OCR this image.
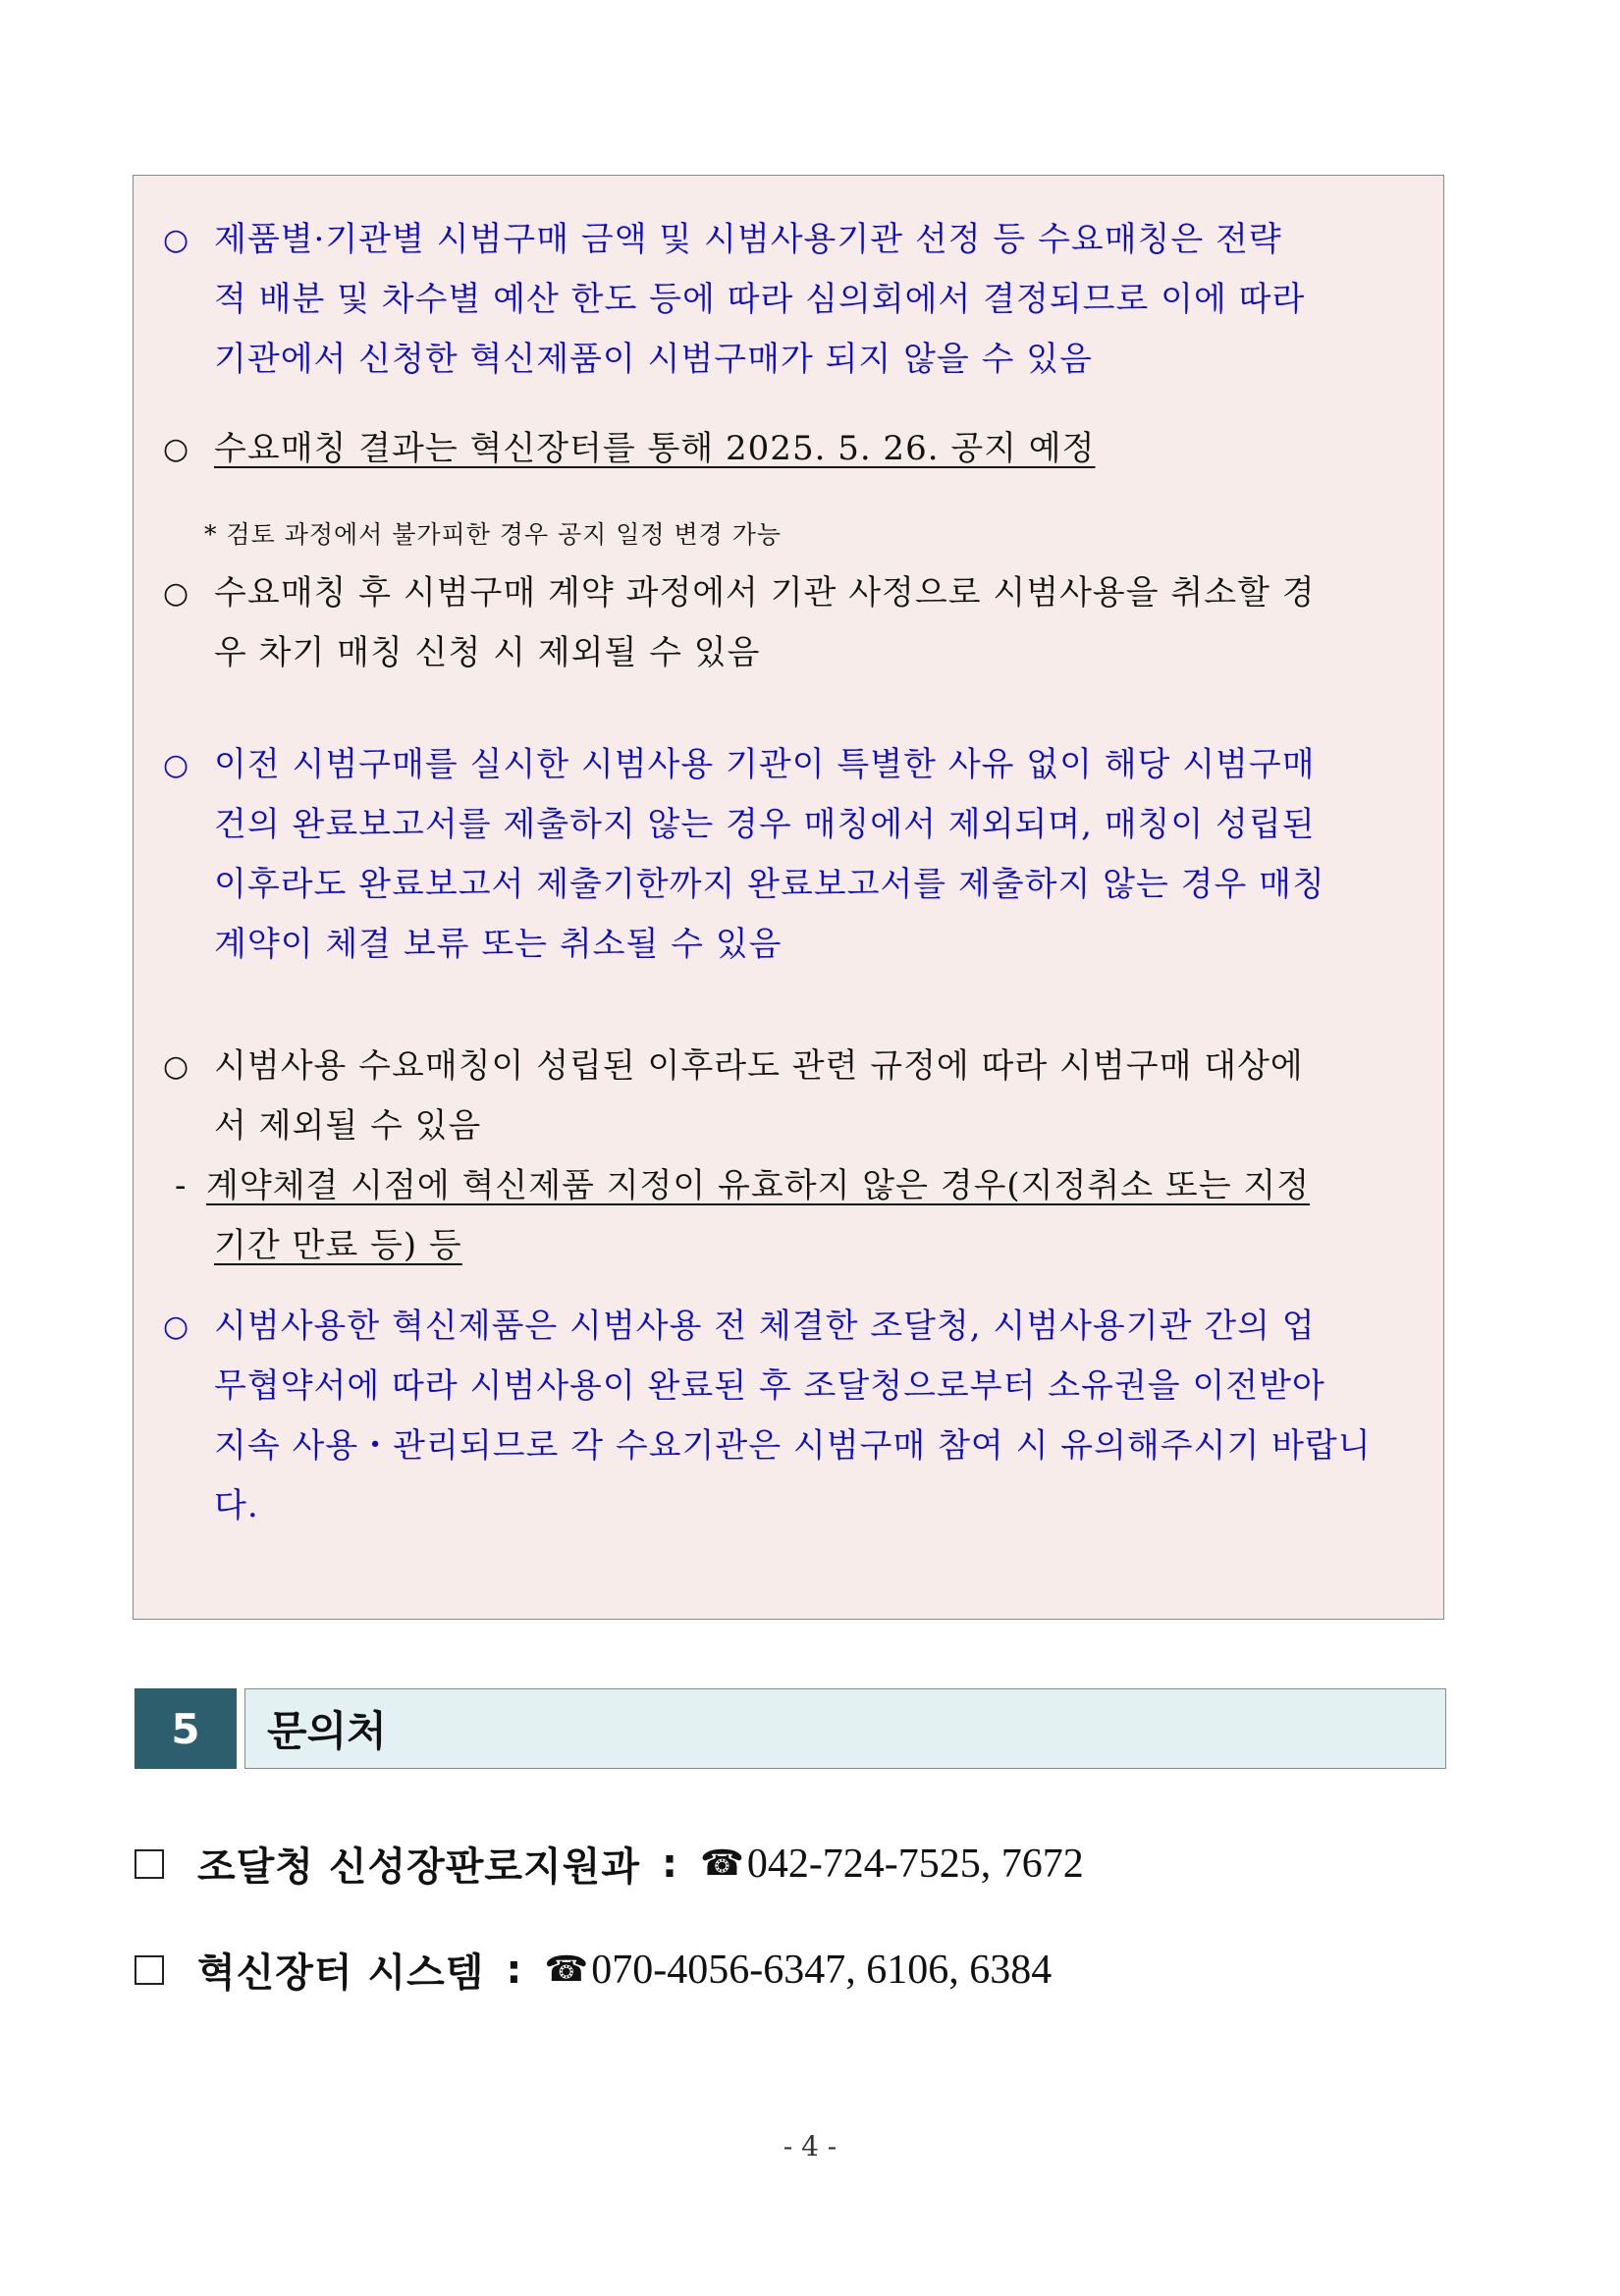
○ 제품별·기관별 시범구매 금액 및 시범사용기관 선정 등 수요매칭은 전략
적 배분 및 차수별 예산 한도 등에 따라 심의회에서 결정되므로 이에 따라
기관에서 신청한 혁신제품이 시범구매가 되지 않을 수 있음
○ 수요매칭 결과는 혁신장터를 통해 2025. 5. 26. 공지 예정
* 검토 과정에서 불가피한 경우 공지 일정 변경 가능
○ 수요매칭 후 시범구매 계약 과정에서 기관 사정으로 시범사용을 취소할 경
우 차기 매칭 신청 시 제외될 수 있음
○ 이전 시범구매를 실시한 시범사용 기관이 특별한 사유 없이 해당 시범구매
건의 완료보고서를 제출하지 않는 경우 매칭에서 제외되며, 매칭이 성립된
이후라도 완료보고서 제출기한까지 완료보고서를 제출하지 않는 경우 매칭
계약이 체결 보류 또는 취소될 수 있음
○ 시범사용 수요매칭이 성립된 이후라도 관련 규정에 따라 시범구매 대상에
서 제외될 수 있음
- 계약체결 시점에 혁신제품 지정이 유효하지 않은 경우(지정취소 또는 지정
기간 만료 등) 등
○ 시범사용한 혁신제품은 시범사용 전 체결한 조달청, 시범사용기관 간의 업
무협약서에 따라 시범사용이 완료된 후 조달청으로부터 소유권을 이전받아
지속 사용・관리되므로 각 수요기관은 시범구매 참여 시 유의해주시기 바랍니
다.
5	문의처
조달청 신성장판로지원과 : ☎ 042-724-7525, 7672
혁신장터 시스템 : ☎ 070-4056-6347, 6106, 6384
- 4 -
